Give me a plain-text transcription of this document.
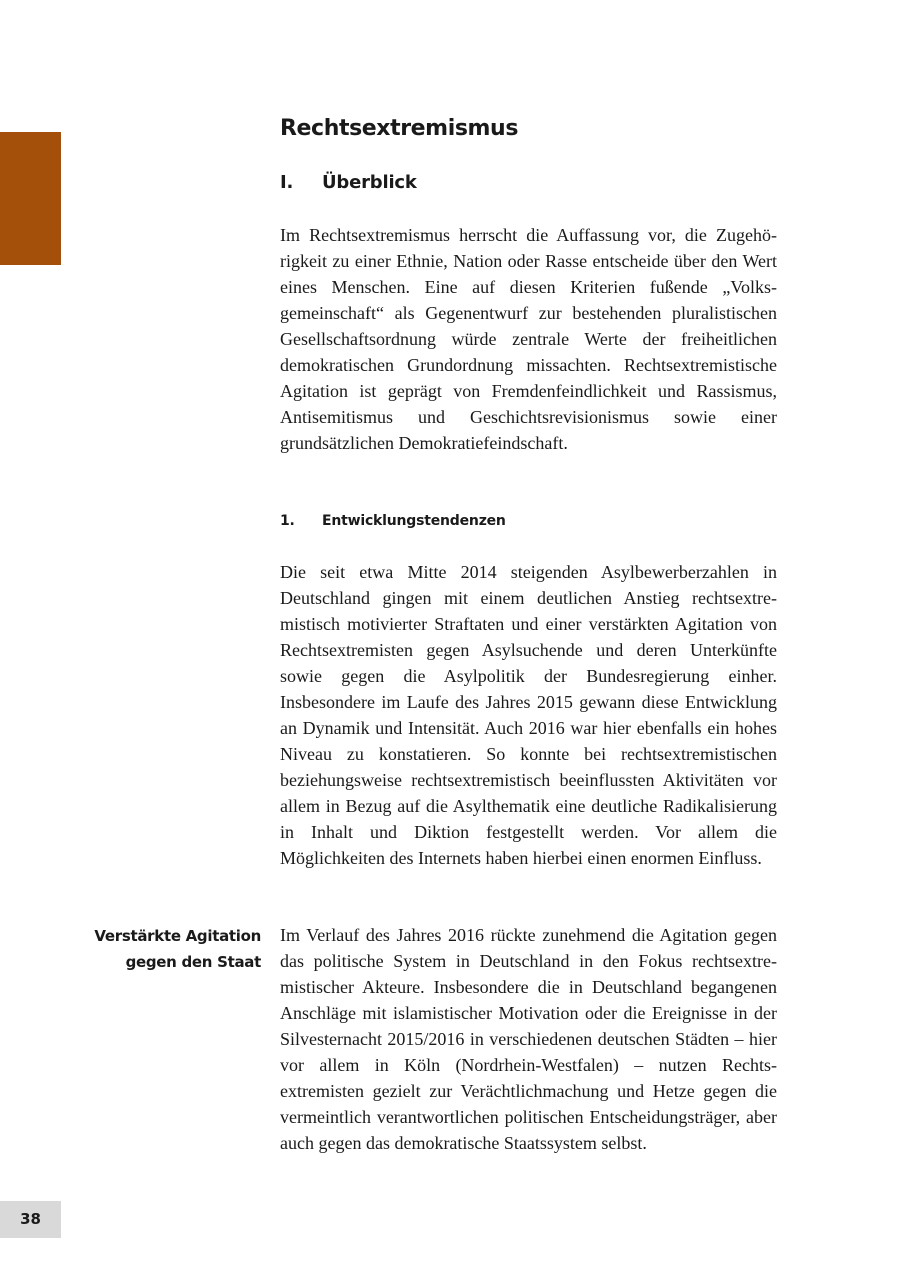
Rechtsextremismus
I. Überblick

Im Rechtsextremismus herrscht die Auffassung vor, die Zugehörigkeit zu einer Ethnie, Nation oder Rasse entscheide über den Wert eines Menschen. Eine auf diesen Kriterien fußende „Volksgemeinschaft“ als Gegenentwurf zur bestehenden pluralistischen Gesellschaftsordnung würde zentrale Werte der freiheitlichen demokratischen Grundordnung missachten. Rechtsextremistische Agitation ist geprägt von Fremdenfeindlichkeit und Rassismus, Antisemitismus und Geschichtsrevisionismus sowie einer grundsätzlichen Demokratiefeindschaft.

1. Entwicklungstendenzen

Die seit etwa Mitte 2014 steigenden Asylbewerberzahlen in Deutschland gingen mit einem deutlichen Anstieg rechtsextremistisch motivierter Straftaten und einer verstärkten Agitation von Rechtsextremisten gegen Asylsuchende und deren Unterkünfte sowie gegen die Asylpolitik der Bundesregierung einher. Insbesondere im Laufe des Jahres 2015 gewann diese Entwicklung an Dynamik und Intensität. Auch 2016 war hier ebenfalls ein hohes Niveau zu konstatieren. So konnte bei rechtsextremistischen beziehungsweise rechtsextremistisch beeinflussten Aktivitäten vor allem in Bezug auf die Asylthematik eine deutliche Radikalisierung in Inhalt und Diktion festgestellt werden. Vor allem die Möglichkeiten des Internets haben hierbei einen enormen Einfluss.

Verstärkte Agitation
gegen den Staat

Im Verlauf des Jahres 2016 rückte zunehmend die Agitation gegen das politische System in Deutschland in den Fokus rechtsextremistischer Akteure. Insbesondere die in Deutschland begangenen Anschläge mit islamistischer Motivation oder die Ereignisse in der Silvesternacht 2015/2016 in verschiedenen deutschen Städten – hier vor allem in Köln (Nordrhein-Westfalen) – nutzen Rechtsextremisten gezielt zur Verächtlichmachung und Hetze gegen die vermeintlich verantwortlichen politischen Entscheidungsträger, aber auch gegen das demokratische Staatssystem selbst.

38
